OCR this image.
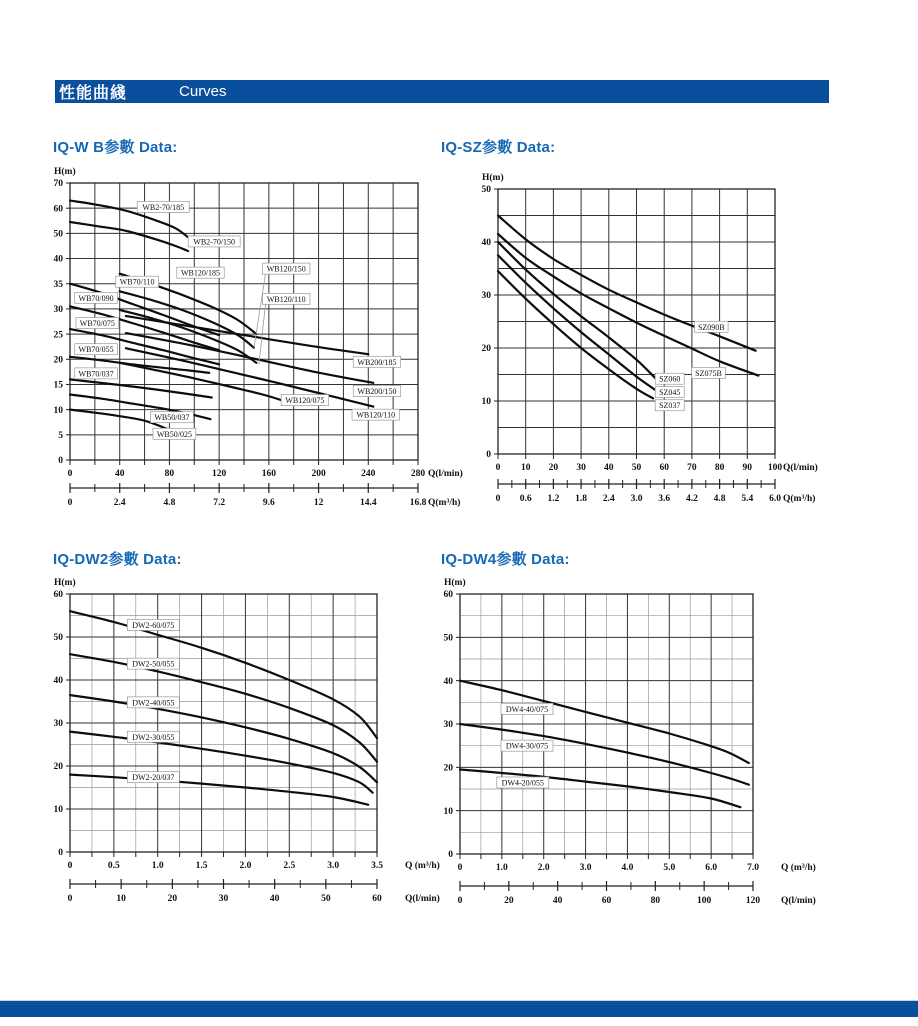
性能曲綫	Curves
IQ-W B参數 Data:	IQ-SZ参數 Data:
IQ-DW2参數 Data:	IQ-DW4参數 Data:
0
5
10
15
20
25
30
35
40
50
60
70
0	40	80	120	160	200	240	280 Q(l/min)
0	2.4	4.8	7.2	9.6	12	14.4	16.8 Q(m³/h)
WB2-70/185
WB2-70/150
WB70/110
WB70/090
WB70/075
WB70/055
WB70/037
WB50/037
WB50/025
WB120/185	WB120/150
WB120/110
WB200/185
WB200/150
WB120/110
WB120/075
H(m)
0
10
20
30
40
50
0 10 20 30 40 50 60 70 80 90 100 Q(l/min)
0 0.6 1.2 1.8 2.4 3.0 3.6 4.2 4.8 5.4 6.0 Q(m³/h)
SZ090B
SZ075B
SZ060
SZ045
SZ037
H(m)
0
10
20
30
40
50
60
0	0.5	1.0	1.5	2.0	2.5	3.0	3.5 Q (m³/h)
0	10	20	30	40	50	60 Q(l/min)
DW2-60/075
DW2-50/055
DW2-40/055
DW2-30/055
DW2-20/037
H(m)
0
10
20
30
40
50
60
0	1.0	2.0	3.0	4.0	5.0	6.0	7.0 Q (m³/h)
0	20	40	60	80	100	120 Q(l/min)
DW4-40/075
DW4-30/075
DW4-20/055
H(m)
